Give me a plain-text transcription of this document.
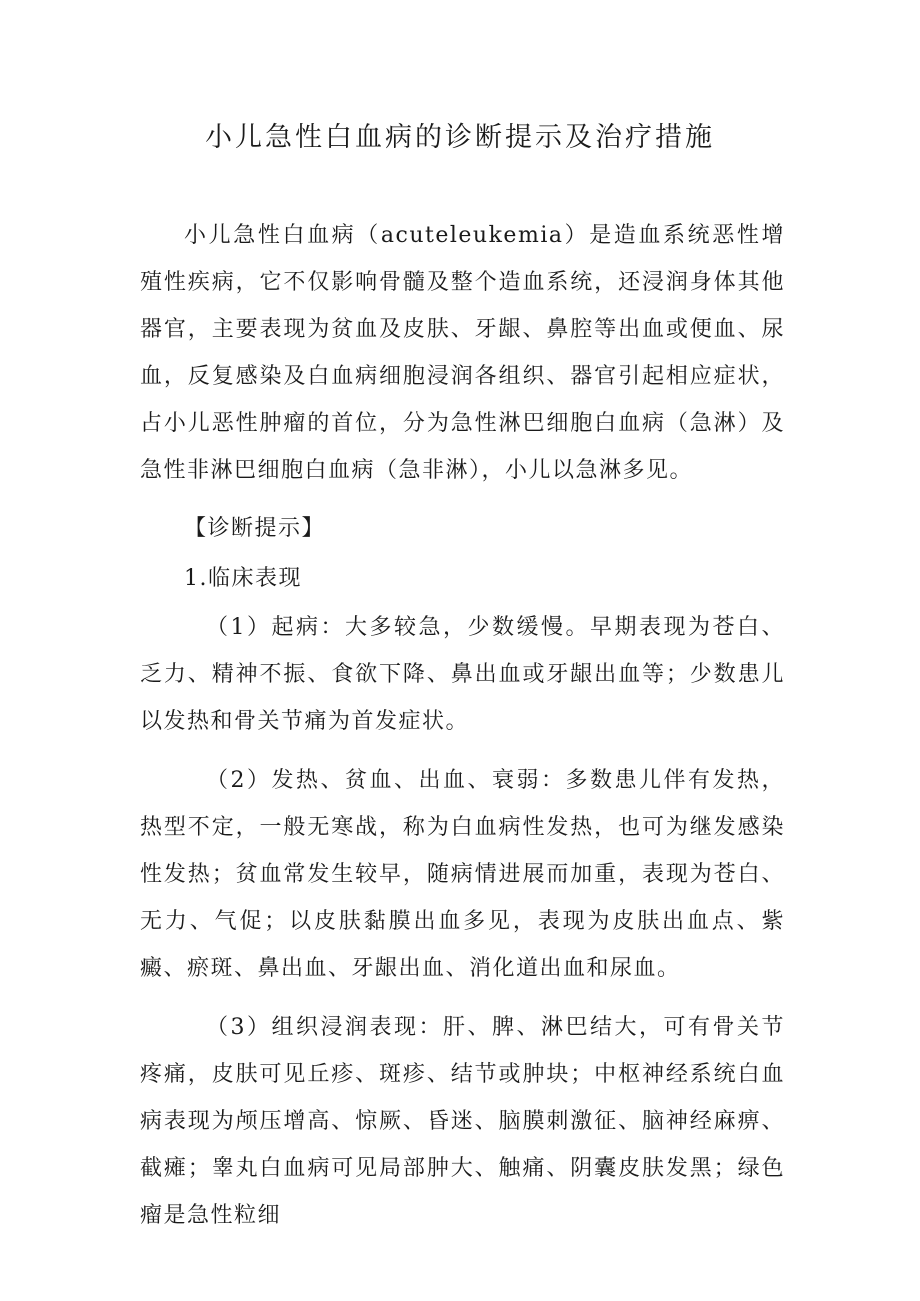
小儿急性白血病的诊断提示及治疗措施

小儿急性白血病（acuteleukemia）是造血系统恶性增殖性疾病，它不仅影响骨髓及整个造血系统，还浸润身体其他器官，主要表现为贫血及皮肤、牙龈、鼻腔等出血或便血、尿血，反复感染及白血病细胞浸润各组织、器官引起相应症状，占小儿恶性肿瘤的首位，分为急性淋巴细胞白血病（急淋）及急性非淋巴细胞白血病（急非淋），小儿以急淋多见。

【诊断提示】

1.临床表现

（1）起病：大多较急，少数缓慢。早期表现为苍白、乏力、精神不振、食欲下降、鼻出血或牙龈出血等；少数患儿以发热和骨关节痛为首发症状。

（2）发热、贫血、出血、衰弱：多数患儿伴有发热，热型不定，一般无寒战，称为白血病性发热，也可为继发感染性发热；贫血常发生较早，随病情进展而加重，表现为苍白、无力、气促；以皮肤黏膜出血多见，表现为皮肤出血点、紫癜、瘀斑、鼻出血、牙龈出血、消化道出血和尿血。

（3）组织浸润表现：肝、脾、淋巴结大，可有骨关节疼痛，皮肤可见丘疹、斑疹、结节或肿块；中枢神经系统白血病表现为颅压增高、惊厥、昏迷、脑膜刺激征、脑神经麻痹、截瘫；睾丸白血病可见局部肿大、触痛、阴囊皮肤发黑；绿色瘤是急性粒细
